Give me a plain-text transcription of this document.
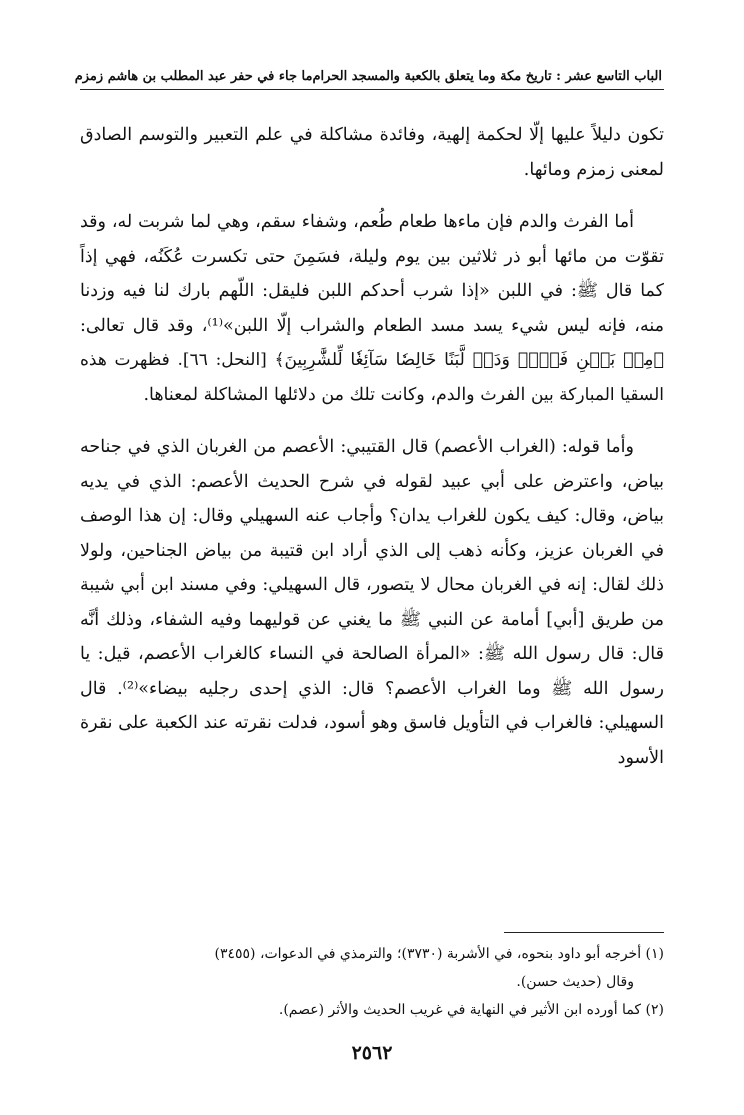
الباب التاسع عشر : تاريخ مكة وما يتعلق بالكعبة والمسجد الحرام
ما جاء في حفر عبد المطلب بن هاشم زمزم

تكون دليلاً عليها إلّا لحكمة إلهية، وفائدة مشاكلة في علم التعبير والتوسم الصادق لمعنى زمزم ومائها.

أما الفرث والدم فإن ماءها طعام طُعم، وشفاء سقم، وهي لما شربت له، وقد تقوّت من مائها أبو ذر ثلاثين بين يوم وليلة، فسَمِنَ حتى تكسرت عُكَنُه، فهي إذاً كما قال ﷺ: في اللبن «إذا شرب أحدكم اللبن فليقل: اللّهم بارك لنا فيه وزدنا منه، فإنه ليس شيء يسد مسد الطعام والشراب إلّا اللبن»⁽¹⁾، وقد قال تعالى: ﴿مِنۢ بَيۡنِ فَرۡثٖ وَدَمٖ لَّبَنًا خَالِصٗا سَآئِغٗا لِّلشَّٰرِبِينَ﴾ [النحل: ٦٦]. فظهرت هذه السقيا المباركة بين الفرث والدم، وكانت تلك من دلائلها المشاكلة لمعناها.

وأما قوله: (الغراب الأعصم) قال القتيبي: الأعصم من الغربان الذي في جناحه بياض، واعترض على أبي عبيد لقوله في شرح الحديث الأعصم: الذي في يديه بياض، وقال: كيف يكون للغراب يدان؟ وأجاب عنه السهيلي وقال: إن هذا الوصف في الغربان عزيز، وكأنه ذهب إلى الذي أراد ابن قتيبة من بياض الجناحين، ولولا ذلك لقال: إنه في الغربان محال لا يتصور، قال السهيلي: وفي مسند ابن أبي شيبة من طريق [أبي] أمامة عن النبي ﷺ ما يغني عن قوليهما وفيه الشفاء، وذلك أنَّه قال: قال رسول الله ﷺ: «المرأة الصالحة في النساء كالغراب الأعصم، قيل: يا رسول الله ﷺ وما الغراب الأعصم؟ قال: الذي إحدى رجليه بيضاء»⁽²⁾. قال السهيلي: فالغراب في التأويل فاسق وهو أسود، فدلت نقرته عند الكعبة على نقرة الأسود

(١) أخرجه أبو داود بنحوه، في الأشربة (٣٧٣٠)؛ والترمذي في الدعوات، (٣٤٥٥)
وقال (حديث حسن).
(٢) كما أورده ابن الأثير في النهاية في غريب الحديث والأثر (عصم).
٢٥٦٢
